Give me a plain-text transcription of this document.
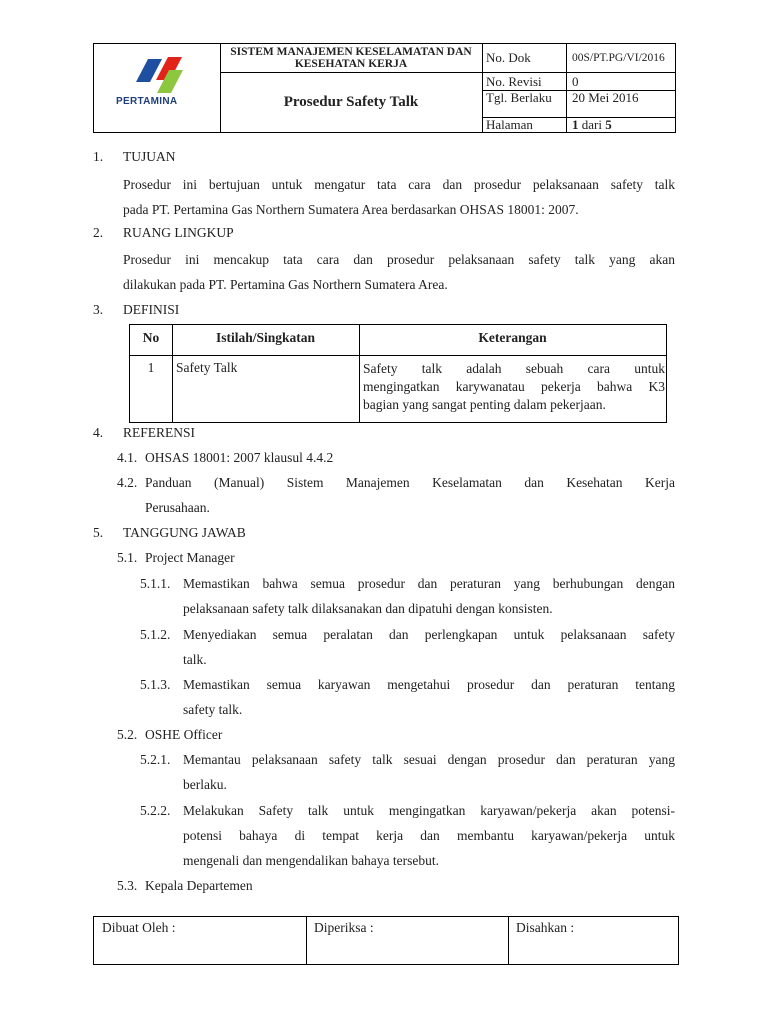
PERTAMINA
SISTEM MANAJEMEN KESELAMATAN DAN KESEHATAN KERJA
Prosedur Safety Talk
No. Dok	00S/PT.PG/VI/2016
No. Revisi	0
Tgl. Berlaku	20 Mei 2016
Halaman	1 dari 5
1. TUJUAN
Prosedur ini bertujuan untuk mengatur tata cara dan prosedur pelaksanaan safety talk
pada PT. Pertamina Gas Northern Sumatera Area berdasarkan OHSAS 18001: 2007.
2. RUANG LINGKUP
Prosedur ini mencakup tata cara dan prosedur pelaksanaan safety talk yang akan
dilakukan pada PT. Pertamina Gas Northern Sumatera Area.
3. DEFINISI
No	Istilah/Singkatan	Keterangan
1	Safety Talk	Safety talk adalah sebuah cara untuk
mengingatkan karywanatau pekerja bahwa K3
bagian yang sangat penting dalam pekerjaan.
4. REFERENSI
4.1. OHSAS 18001: 2007 klausul 4.4.2
4.2. Panduan (Manual) Sistem Manajemen Keselamatan dan Kesehatan Kerja
Perusahaan.
5. TANGGUNG JAWAB
5.1. Project Manager
5.1.1. Memastikan bahwa semua prosedur dan peraturan yang berhubungan dengan
pelaksanaan safety talk dilaksanakan dan dipatuhi dengan konsisten.
5.1.2. Menyediakan semua peralatan dan perlengkapan untuk pelaksanaan safety
talk.
5.1.3. Memastikan semua karyawan mengetahui prosedur dan peraturan tentang
safety talk.
5.2. OSHE Officer
5.2.1. Memantau pelaksanaan safety talk sesuai dengan prosedur dan peraturan yang
berlaku.
5.2.2. Melakukan Safety talk untuk mengingatkan karyawan/pekerja akan potensi-
potensi bahaya di tempat kerja dan membantu karyawan/pekerja untuk
mengenali dan mengendalikan bahaya tersebut.
5.3. Kepala Departemen
Dibuat Oleh :	Diperiksa :	Disahkan :
